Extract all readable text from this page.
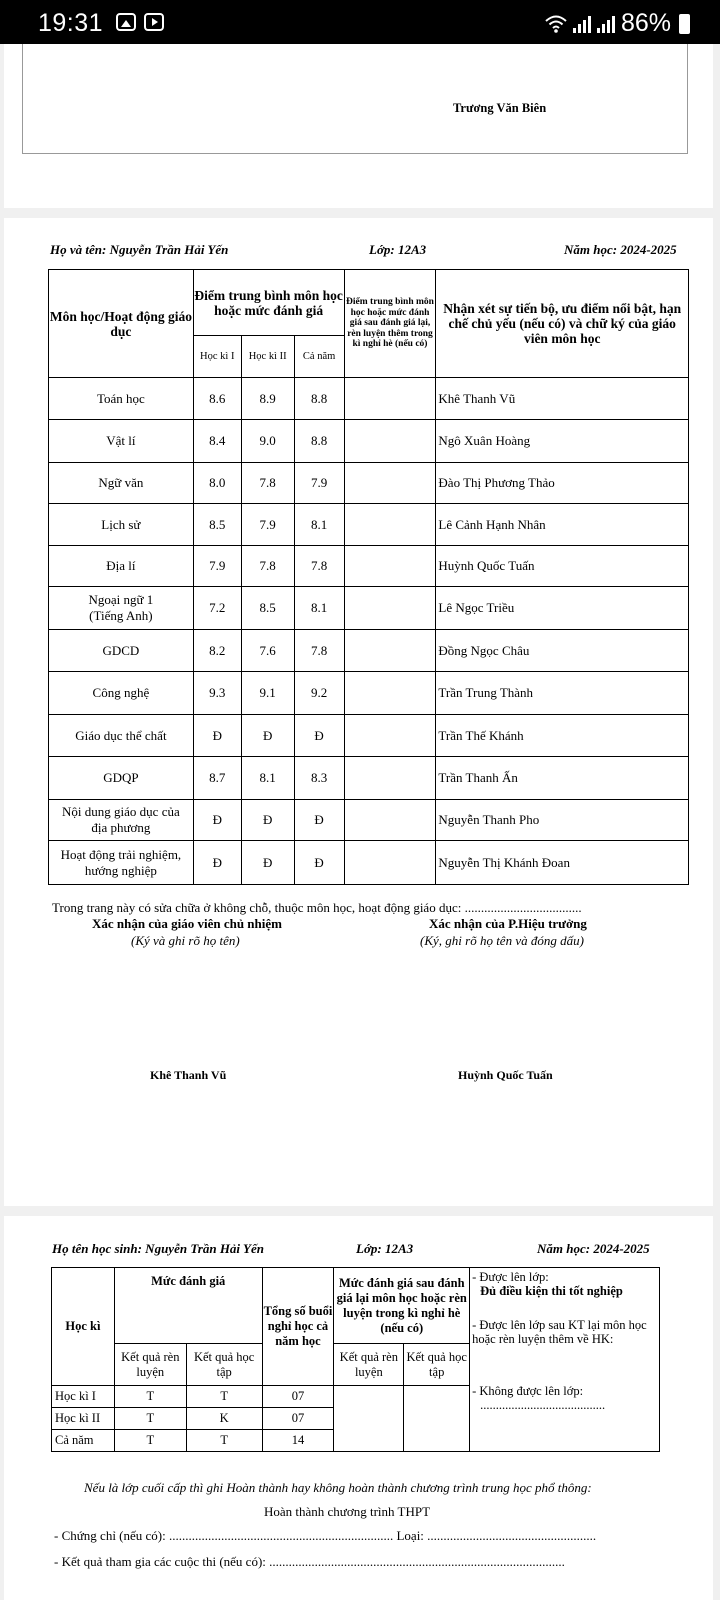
19:31	86%
Trương Văn Biên
Họ và tên: Nguyễn Trần Hải Yến	Lớp: 12A3	Năm học: 2024-2025
Môn học/Hoạt động giáo dục	Điểm trung bình môn học hoặc mức đánh giá			Điểm trung bình môn học hoặc mức đánh giá sau đánh giá lại, rèn luyện thêm trong kì nghỉ hè (nếu có)	Nhận xét sự tiến bộ, ưu điểm nổi bật, hạn chế chủ yếu (nếu có) và chữ ký của giáo viên môn học
	Học kì I	Học kì II	Cả năm		
Toán học	8.6	8.9	8.8		Khê Thanh Vũ
Vật lí	8.4	9.0	8.8		Ngô Xuân Hoàng
Ngữ văn	8.0	7.8	7.9		Đào Thị Phương Thảo
Lịch sử	8.5	7.9	8.1		Lê Cảnh Hạnh Nhân
Địa lí	7.9	7.8	7.8		Huỳnh Quốc Tuấn
Ngoại ngữ 1
(Tiếng Anh)	7.2	8.5	8.1		Lê Ngọc Triều
GDCD	8.2	7.6	7.8		Đồng Ngọc Châu
Công nghệ	9.3	9.1	9.2		Trần Trung Thành
Giáo dục thể chất	Đ	Đ	Đ		Trần Thế Khánh
GDQP	8.7	8.1	8.3		Trần Thanh Ấn
Nội dung giáo dục của
địa phương	Đ	Đ	Đ		Nguyễn Thanh Pho
Hoạt động trải nghiệm,
hướng nghiệp	Đ	Đ	Đ		Nguyễn Thị Khánh Đoan
Trong trang này có sửa chữa ở không chỗ, thuộc môn học, hoạt động giáo dục: ....................................
Xác nhận của giáo viên chủ nhiệm
(Ký và ghi rõ họ tên)
Xác nhận của P.Hiệu trưởng
(Ký, ghi rõ họ tên và đóng dấu)
Khê Thanh Vũ	Huỳnh Quốc Tuấn
Họ tên học sinh: Nguyễn Trần Hải Yến	Lớp: 12A3	Năm học: 2024-2025
Học kì	Mức đánh giá		Tổng số buổi nghỉ học cả năm học	Mức đánh giá sau đánh giá lại môn học hoặc rèn luyện trong kì nghỉ hè (nếu có)		- Được lên lớp:
Đủ điều kiện thi tốt nghiệp
- Được lên lớp sau KT lại môn học hoặc rèn luyện thêm về HK:
- Không được lên lớp:
........................................

	Kết quả rèn luyện	Kết quả học tập		Kết quả rèn luyện	Kết quả học tập	
Học kì I	T	T	07			
Học kì II	T	K	07			
Cả năm	T	T	14			
Nếu là lớp cuối cấp thì ghi Hoàn thành hay không hoàn thành chương trình trung học phổ thông:
Hoàn thành chương trình THPT
- Chứng chỉ (nếu có): ..................................................................... Loại: ....................................................
- Kết quả tham gia các cuộc thi (nếu có): ...........................................................................................
